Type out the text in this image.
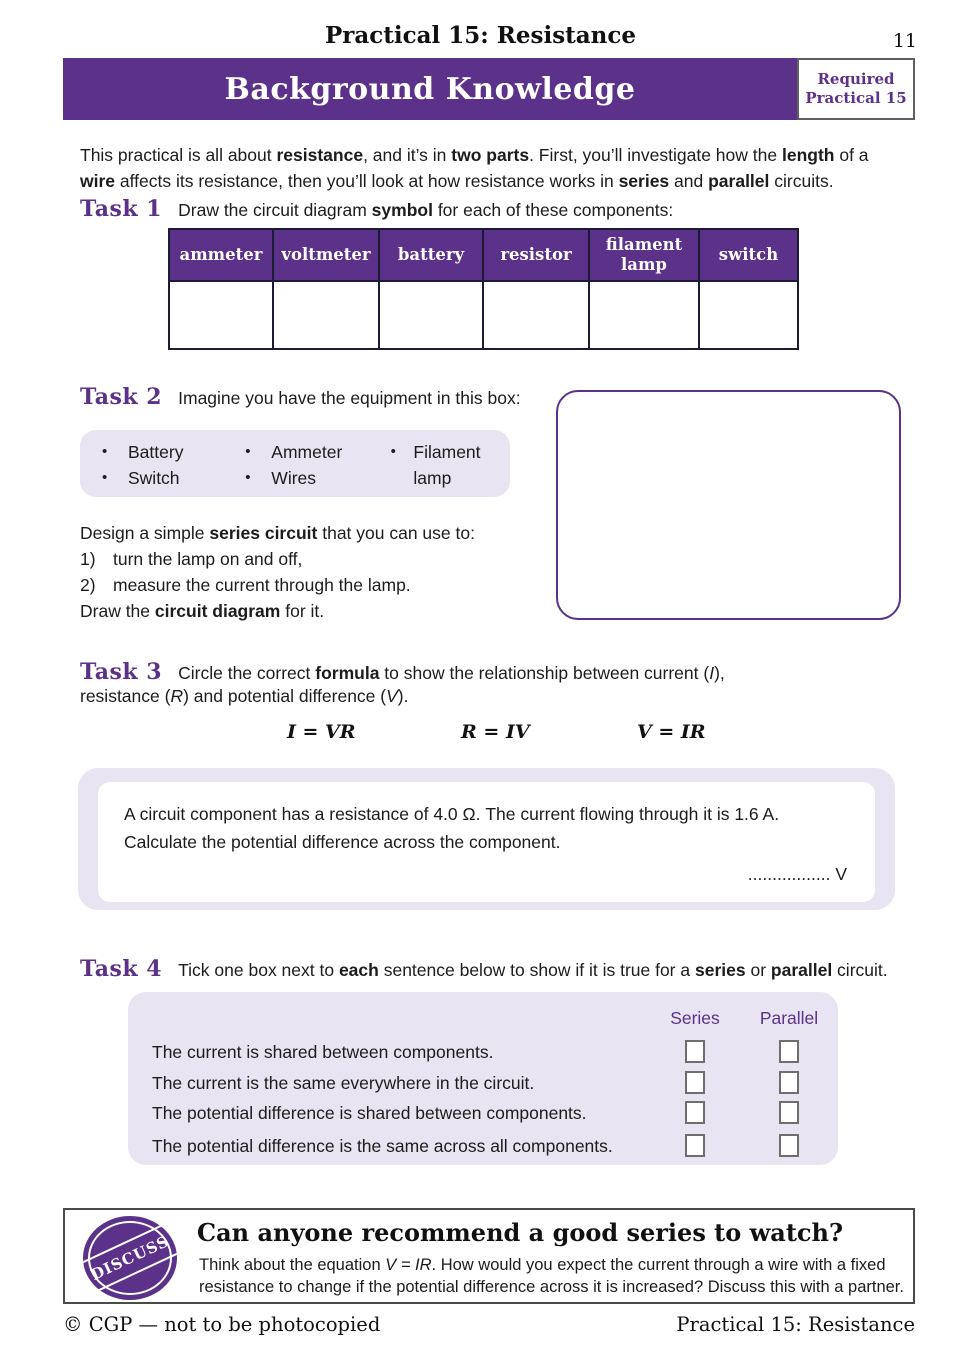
Practical 15: Resistance	11
Background Knowledge	Required
Practical 15

This practical is all about resistance, and it’s in two parts. First, you’ll investigate how the length of a wire affects its resistance, then you’ll look at how resistance works in series and parallel circuits.

Task 1 Draw the circuit diagram symbol for each of these components:
ammeter	voltmeter	battery	resistor	filament lamp	switch

Task 2 Imagine you have the equipment in this box:
•	Battery
•	Switch
•	Ammeter
•	Wires
•	Filament lamp
Design a simple series circuit that you can use to:
1) turn the lamp on and off,
2) measure the current through the lamp.
Draw the circuit diagram for it.
Task 3 Circle the correct formula to show the relationship between current (I),
resistance (R) and potential difference (V).
I = VR	R = IV	V = IR
A circuit component has a resistance of 4.0 Ω. The current flowing through it is 1.6 A.
Calculate the potential difference across the component.
................. V
Task 4 Tick one box next to each sentence below to show if it is true for a series or parallel circuit.
Series	Parallel
The current is shared between components.
The current is the same everywhere in the circuit.
The potential difference is shared between components.
The potential difference is the same across all components.
DISCUSS Can anyone recommend a good series to watch?
Think about the equation V = IR. How would you expect the current through a wire with a fixed resistance to change if the potential difference across it is increased? Discuss this with a partner.
© CGP — not to be photocopied	Practical 15: Resistance
